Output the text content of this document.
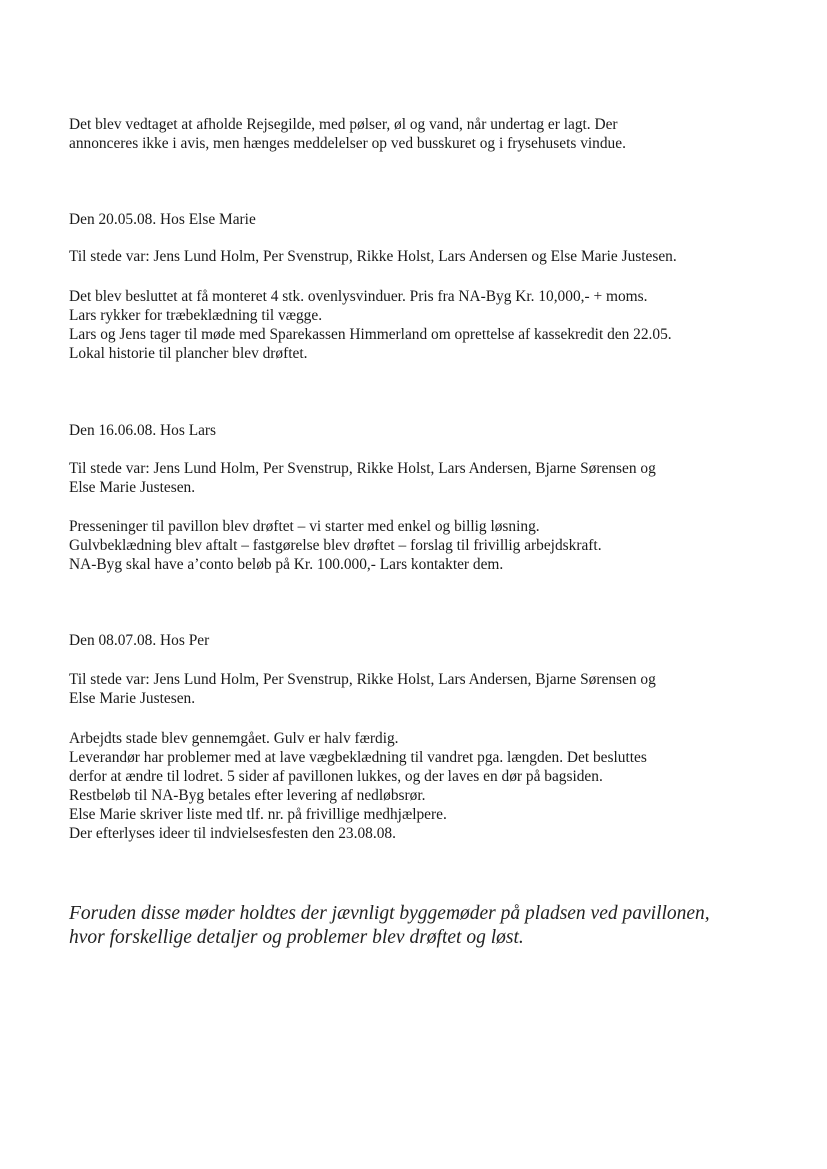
Det blev vedtaget at afholde Rejsegilde, med pølser, øl og vand, når undertag er lagt. Der
annonceres ikke i avis, men hænges meddelelser op ved busskuret og i frysehusets vindue.
Den 20.05.08. Hos Else Marie
Til stede var: Jens Lund Holm, Per Svenstrup, Rikke Holst, Lars Andersen og Else Marie Justesen.
Det blev besluttet at få monteret 4 stk. ovenlysvinduer. Pris fra NA-Byg Kr. 10,000,- + moms.
Lars rykker for træbeklædning til vægge.
Lars og Jens tager til møde med Sparekassen Himmerland om oprettelse af kassekredit den 22.05.
Lokal historie til plancher blev drøftet.
Den 16.06.08. Hos Lars
Til stede var: Jens Lund Holm, Per Svenstrup, Rikke Holst, Lars Andersen, Bjarne Sørensen og
Else Marie Justesen.
Presseninger til pavillon blev drøftet – vi starter med enkel og billig løsning.
Gulvbeklædning blev aftalt – fastgørelse blev drøftet – forslag til frivillig arbejdskraft.
NA-Byg skal have a’conto beløb på Kr. 100.000,- Lars kontakter dem.
Den 08.07.08. Hos Per
Til stede var: Jens Lund Holm, Per Svenstrup, Rikke Holst, Lars Andersen, Bjarne Sørensen og
Else Marie Justesen.
Arbejdts stade blev gennemgået. Gulv er halv færdig.
Leverandør har problemer med at lave vægbeklædning til vandret pga. længden. Det besluttes
derfor at ændre til lodret. 5 sider af pavillonen lukkes, og der laves en dør på bagsiden.
Restbeløb til NA-Byg betales efter levering af nedløbsrør.
Else Marie skriver liste med tlf. nr. på frivillige medhjælpere.
Der efterlyses ideer til indvielsesfesten den 23.08.08.
Foruden disse møder holdtes der jævnligt byggemøder på pladsen ved pavillonen,
hvor forskellige detaljer og problemer blev drøftet og løst.
